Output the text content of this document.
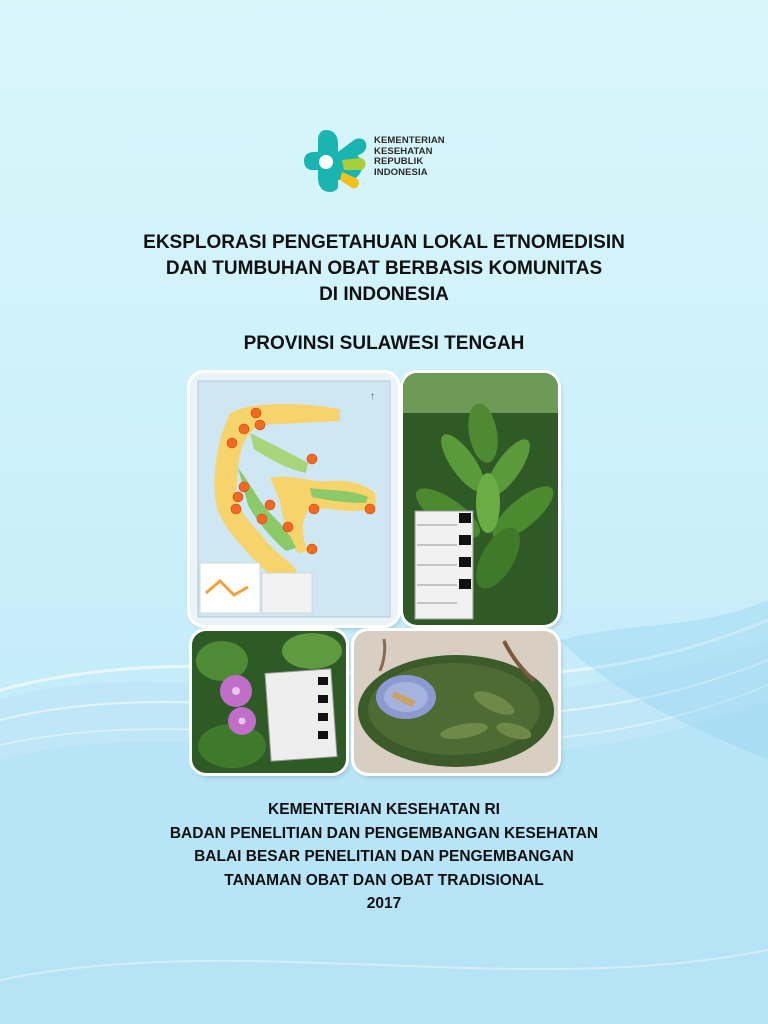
KEMENTERIAN
KESEHATAN
REPUBLIK
INDONESIA
EKSPLORASI PENGETAHUAN LOKAL ETNOMEDISIN
DAN TUMBUHAN OBAT BERBASIS KOMUNITAS
DI INDONESIA
PROVINSI SULAWESI TENGAH
↑
KEMENTERIAN KESEHATAN RI
BADAN PENELITIAN DAN PENGEMBANGAN KESEHATAN
BALAI BESAR PENELITIAN DAN PENGEMBANGAN
TANAMAN OBAT DAN OBAT TRADISIONAL
2017
